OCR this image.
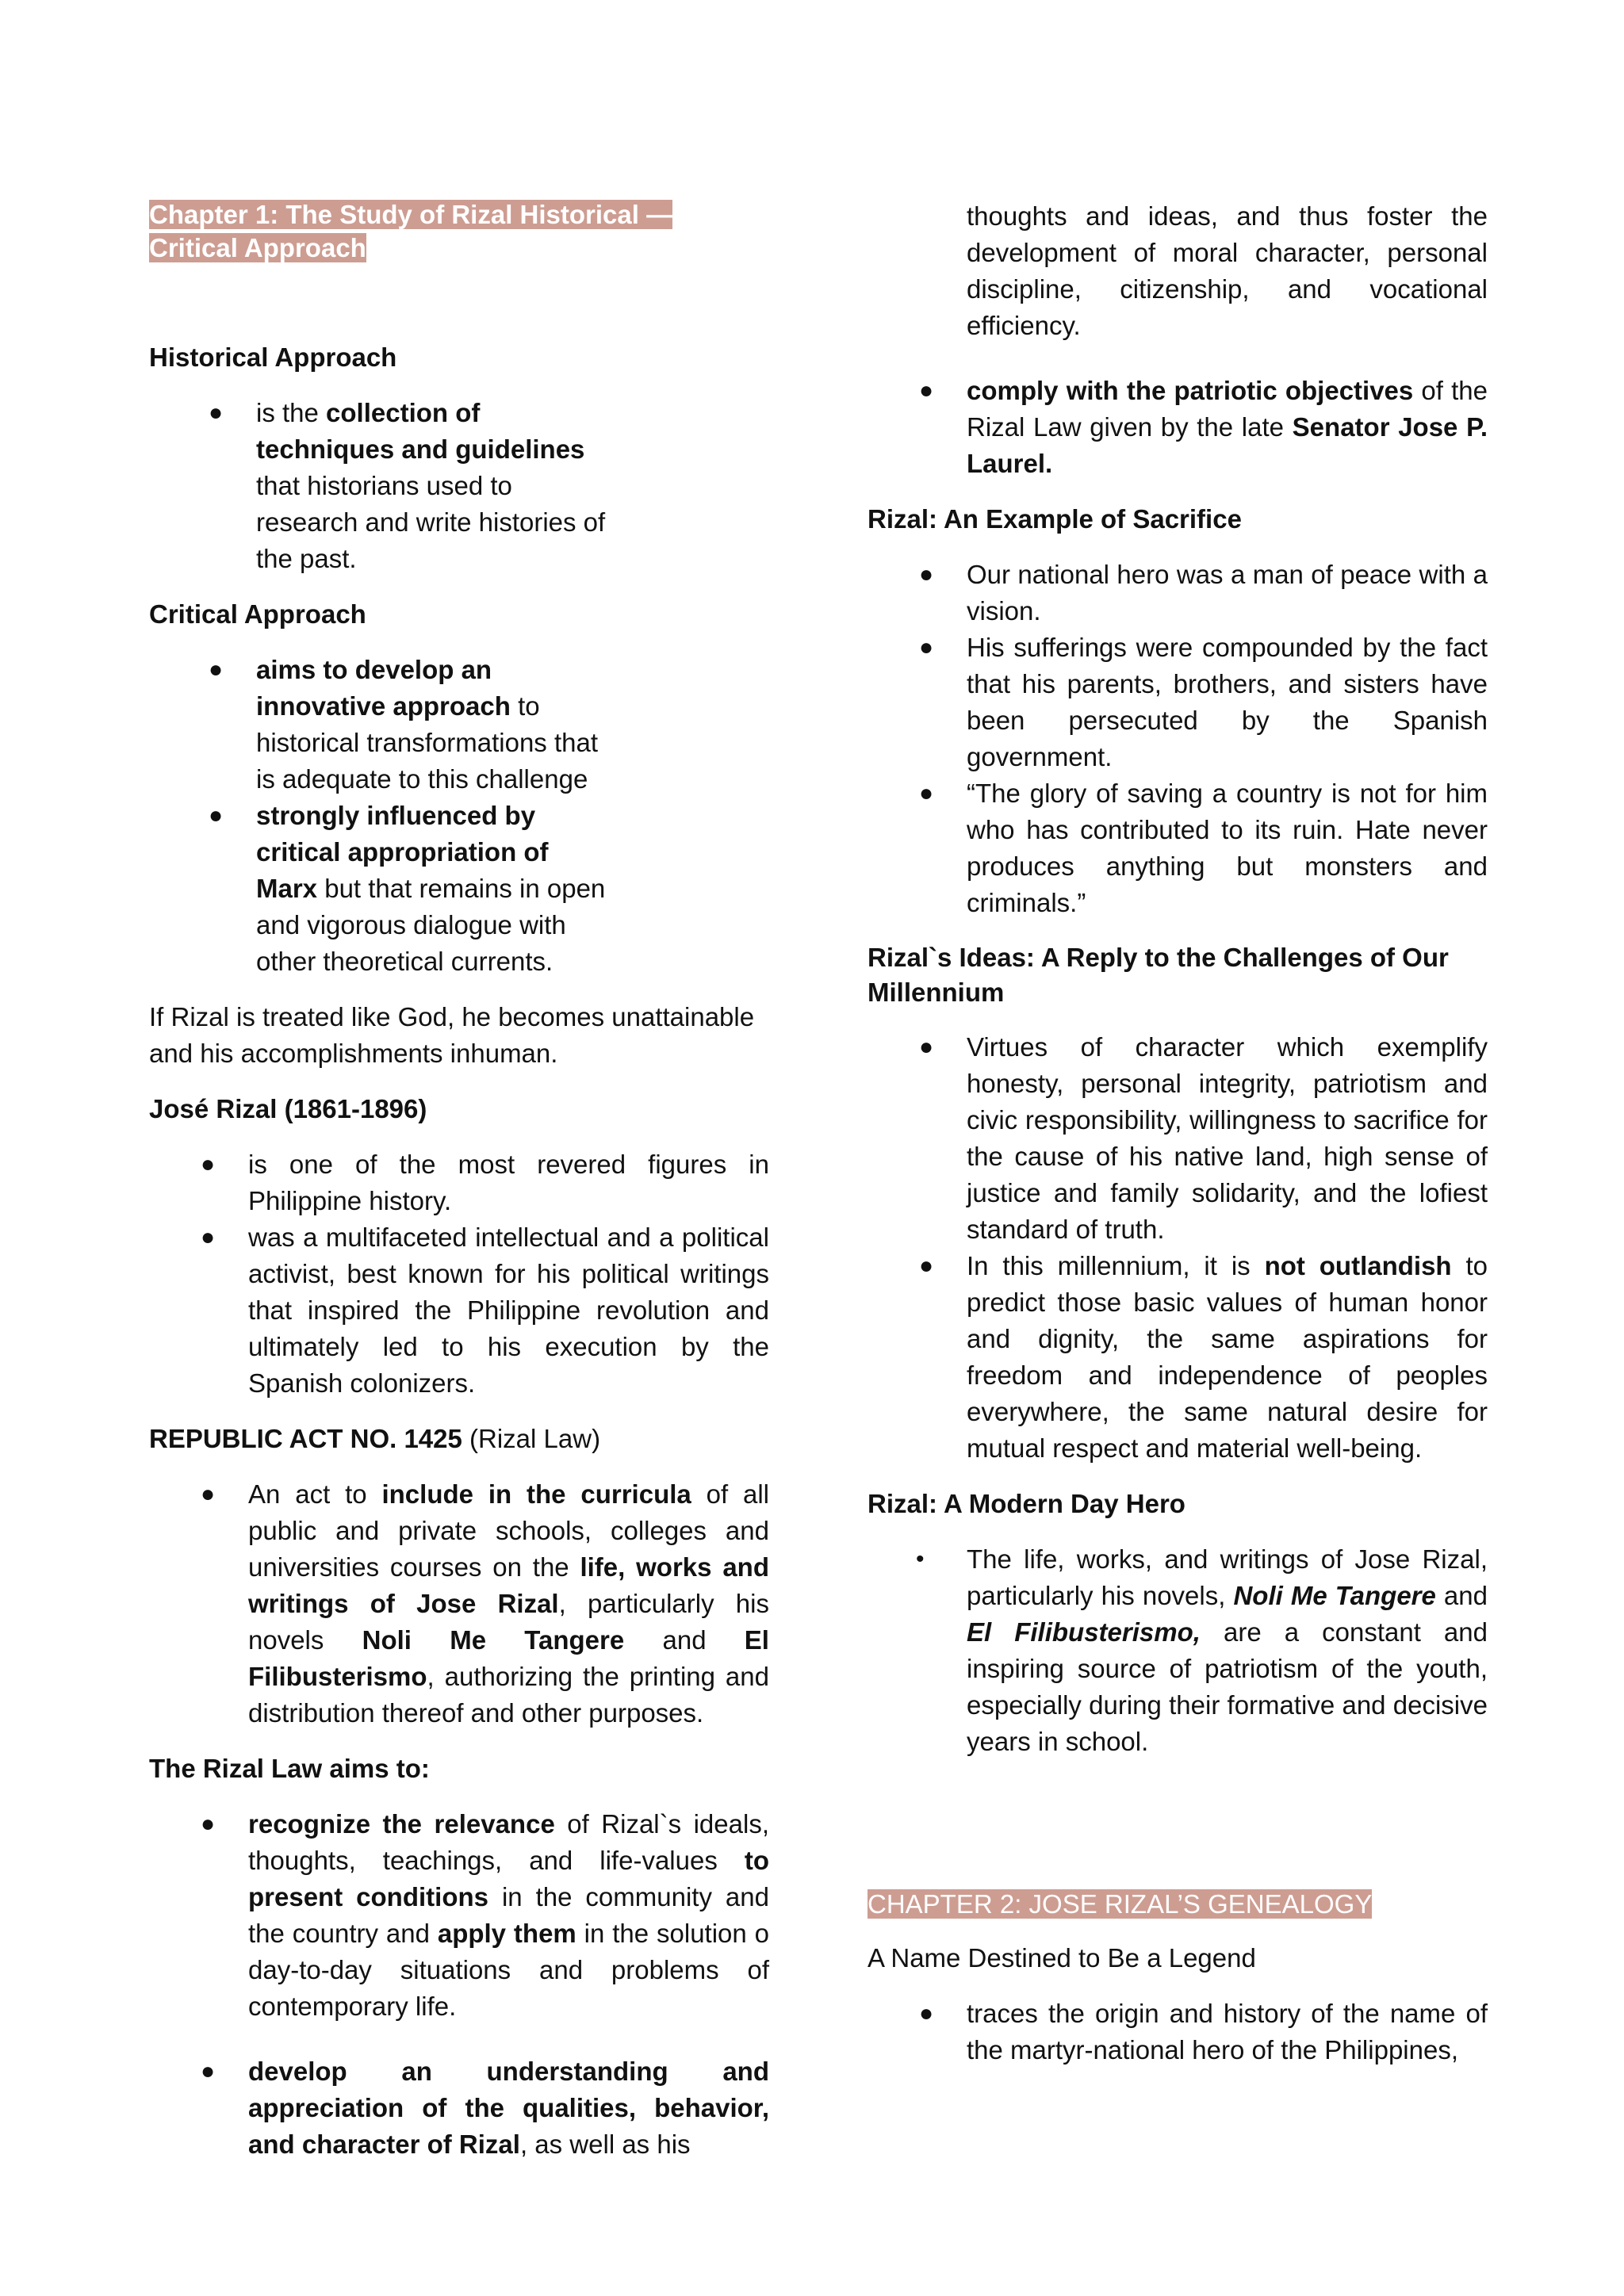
Chapter 1: The Study of Rizal Historical —
Critical Approach

Historical Approach
● is the collection of techniques and guidelines that historians used to research and write histories of the past.
Critical Approach
● aims to develop an innovative approach to historical transformations that is adequate to this challenge
● strongly influenced by critical appropriation of Marx but that remains in open and vigorous dialogue with other theoretical currents.

If Rizal is treated like God, he becomes unattainable and his accomplishments inhuman.

José Rizal (1861-1896)
● is one of the most revered figures in Philippine history.
● was a multifaceted intellectual and a political activist, best known for his political writings that inspired the Philippine revolution and ultimately led to his execution by the Spanish colonizers.

REPUBLIC ACT NO. 1425 (Rizal Law)

● An act to include in the curricula of all public and private schools, colleges and universities courses on the life, works and writings of Jose Rizal, particularly his novels Noli Me Tangere and El Filibusterismo, authorizing the printing and distribution thereof and other purposes.
The Rizal Law aims to:
● recognize the relevance of Rizal`s ideals, thoughts, teachings, and life-values to present conditions in the community and the country and apply them in the solution o day-to-day situations and problems of contemporary life.
● develop an understanding and appreciation of the qualities, behavior, and character of Rizal, as well as his
thoughts and ideas, and thus foster the development of moral character, personal discipline, citizenship, and vocational efficiency.
● comply with the patriotic objectives of the Rizal Law given by the late Senator Jose P. Laurel.
Rizal: An Example of Sacrifice
● Our national hero was a man of peace with a vision.
● His sufferings were compounded by the fact that his parents, brothers, and sisters have been persecuted by the Spanish government.
● “The glory of saving a country is not for him who has contributed to its ruin. Hate never produces anything but monsters and criminals.”
Rizal`s Ideas: A Reply to the Challenges of Our Millennium
● Virtues of character which exemplify honesty, personal integrity, patriotism and civic responsibility, willingness to sacrifice for the cause of his native land, high sense of justice and family solidarity, and the lofiest standard of truth.
● In this millennium, it is not outlandish to predict those basic values of human honor and dignity, the same aspirations for freedom and independence of peoples everywhere, the same natural desire for mutual respect and material well-being.
Rizal: A Modern Day Hero
• The life, works, and writings of Jose Rizal, particularly his novels, Noli Me Tangere and El Filibusterismo, are a constant and inspiring source of patriotism of the youth, especially during their formative and decisive years in school.

CHAPTER 2: JOSE RIZAL’S GENEALOGY

A Name Destined to Be a Legend

● traces the origin and history of the name of the martyr-national hero of the Philippines,
